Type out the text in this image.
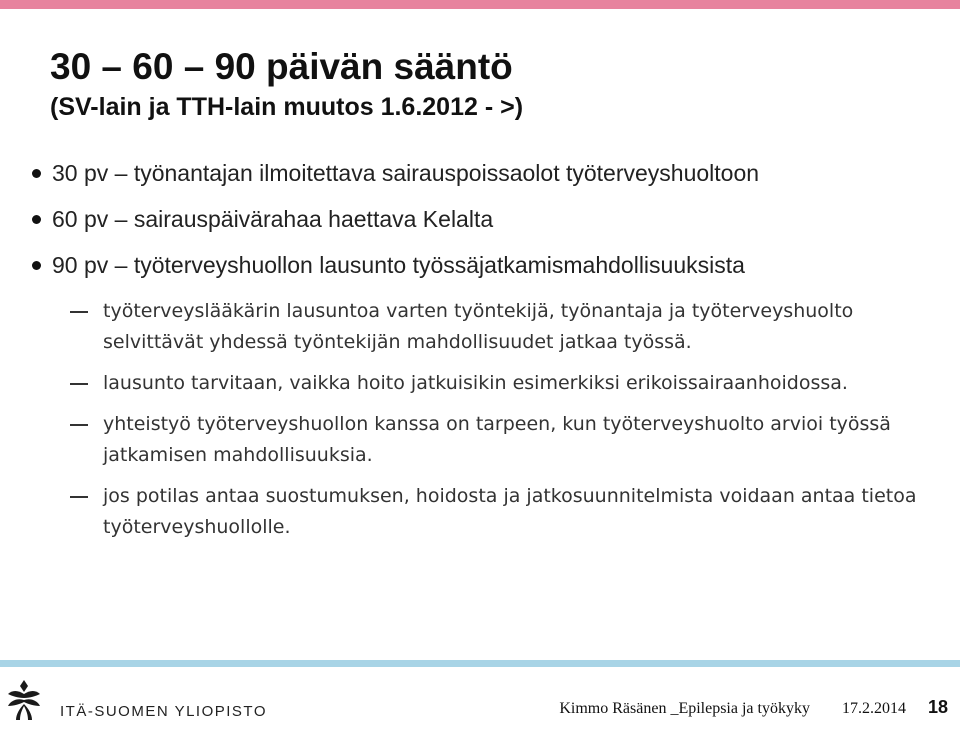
30 – 60 – 90 päivän sääntö
(SV-lain ja TTH-lain muutos 1.6.2012 - >)
30 pv – työnantajan ilmoitettava sairauspoissaolot työterveyshuoltoon
60 pv – sairauspäivärahaa haettava Kelalta
90 pv – työterveyshuollon lausunto työssäjatkamismahdollisuuksista
työterveyslääkärin lausuntoa varten työntekijä, työnantaja ja työterveyshuolto selvittävät yhdessä työntekijän mahdollisuudet jatkaa työssä.
lausunto tarvitaan, vaikka hoito jatkuisikin esimerkiksi erikoissairaanhoidossa.
yhteistyö työterveyshuollon kanssa on tarpeen, kun työterveyshuolto arvioi työssä jatkamisen mahdollisuuksia.
jos potilas antaa suostumuksen, hoidosta ja jatkosuunnitelmista voidaan antaa tietoa työterveyshuollolle.
ITÄ-SUOMEN YLIOPISTO	Kimmo Räsänen _Epilepsia ja työkyky 17.2.2014 18
